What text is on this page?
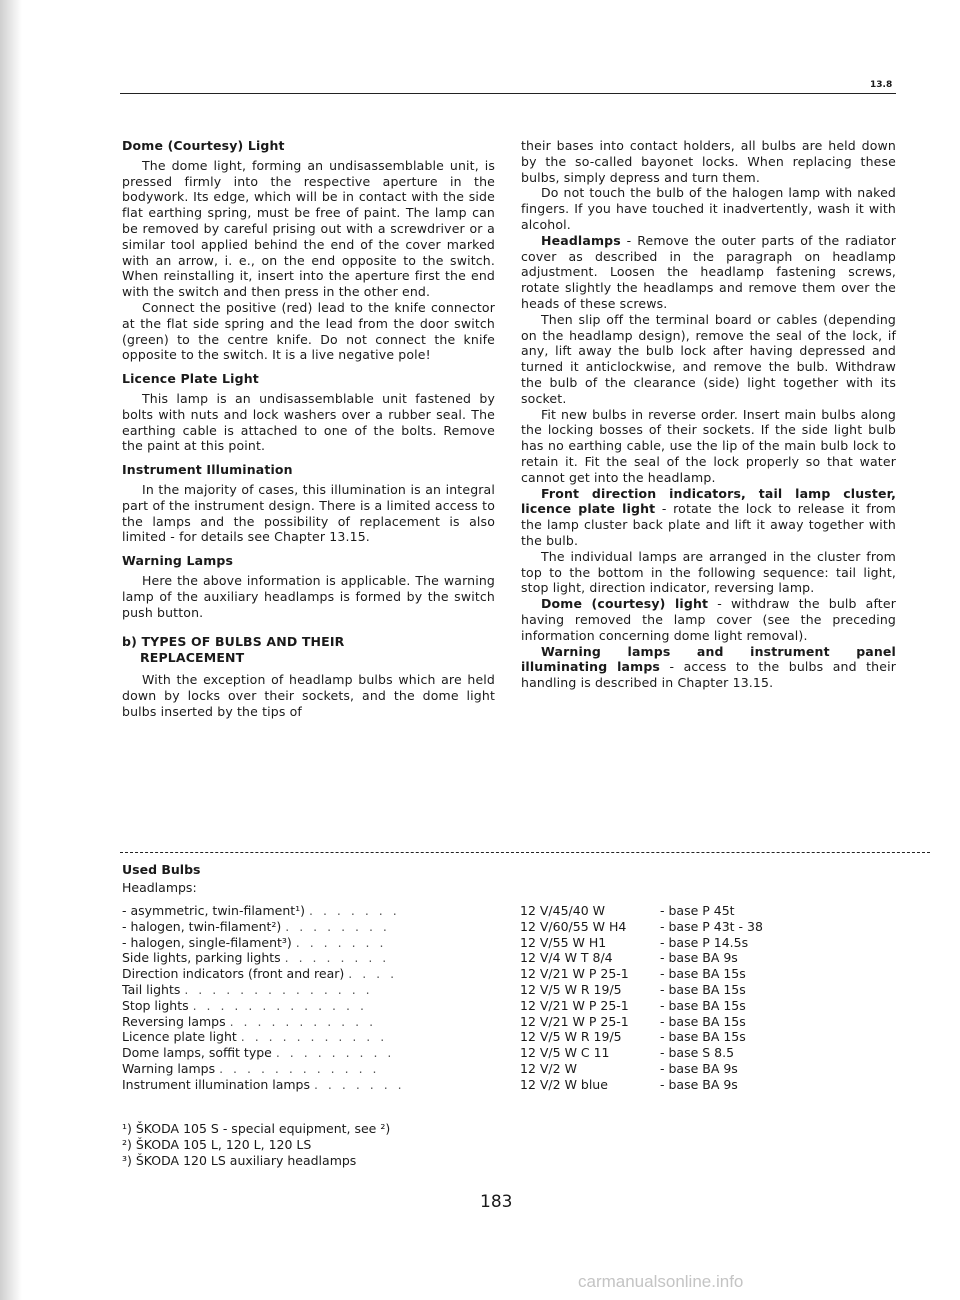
13.8
Dome (Courtesy) Light

The dome light, forming an undisassemblable unit, is pressed firmly into the respective aperture in the bodywork. Its edge, which will be in contact with the side flat earthing spring, must be free of paint. The lamp can be removed by careful prising out with a screwdriver or a similar tool applied behind the end of the cover marked with an arrow, i. e., on the end opposite to the switch. When reinstalling it, insert into the aperture first the end with the switch and then press in the other end.

Connect the positive (red) lead to the knife connector at the flat side spring and the lead from the door switch (green) to the centre knife. Do not connect the knife opposite to the switch. It is a live negative pole!

Licence Plate Light

This lamp is an undisassemblable unit fastened by bolts with nuts and lock washers over a rubber seal. The earthing cable is attached to one of the bolts. Remove the paint at this point.

Instrument Illumination

In the majority of cases, this illumination is an integral part of the instrument design. There is a limited access to the lamps and the possibility of replacement is also limited - for details see Chapter 13.15.

Warning Lamps

Here the above information is applicable. The warning lamp of the auxiliary headlamps is formed by the switch push button.

b) TYPES OF BULBS AND THEIR
REPLACEMENT

With the exception of headlamp bulbs which are held down by locks over their sockets, and the dome light bulbs inserted by the tips of

their bases into contact holders, all bulbs are held down by the so-called bayonet locks. When replacing these bulbs, simply depress and turn them.

Do not touch the bulb of the halogen lamp with naked fingers. If you have touched it inadvertently, wash it with alcohol.

Headlamps - Remove the outer parts of the radiator cover as described in the paragraph on headlamp adjustment. Loosen the headlamp fastening screws, rotate slightly the headlamps and remove them over the heads of these screws.

Then slip off the terminal board or cables (depending on the headlamp design), remove the seal of the lock, if any, lift away the bulb lock after having depressed and turned it anticlockwise, and remove the bulb. Withdraw the bulb of the clearance (side) light together with its socket.

Fit new bulbs in reverse order. Insert main bulbs along the locking bosses of their sockets. If the side light bulb has no earthing cable, use the lip of the main bulb lock to retain it. Fit the seal of the lock properly so that water cannot get into the headlamp.

Front direction indicators, tail lamp cluster, licence plate light - rotate the lock to release it from the lamp cluster back plate and lift it away together with the bulb.

The individual lamps are arranged in the cluster from top to the bottom in the following sequence: tail light, stop light, direction indicator, reversing lamp.

Dome (courtesy) light - withdraw the bulb after having removed the lamp cover (see the preceding information concerning dome light removal).

Warning lamps and instrument panel illuminating lamps - access to the bulbs and their handling is described in Chapter 13.15.

Used Bulbs
Headlamps:
- asymmetric, twin-filament¹) . . . . . . .	12 V/45/40 W	- base P 45t
- halogen, twin-filament²) . . . . . . . .	12 V/60/55 W H4	- base P 43t - 38
- halogen, single-filament³) . . . . . . .	12 V/55 W H1	- base P 14.5s
Side lights, parking lights . . . . . . . .	12 V/4 W T 8/4	- base BA 9s
Direction indicators (front and rear) . . . .	12 V/21 W P 25-1	- base BA 15s
Tail lights . . . . . . . . . . . . . .	12 V/5 W R 19/5	- base BA 15s
Stop lights . . . . . . . . . . . . .	12 V/21 W P 25-1	- base BA 15s
Reversing lamps . . . . . . . . . . .	12 V/21 W P 25-1	- base BA 15s
Licence plate light . . . . . . . . . . .	12 V/5 W R 19/5	- base BA 15s
Dome lamps, soffit type . . . . . . . . .	12 V/5 W C 11	- base S 8.5
Warning lamps . . . . . . . . . . . .	12 V/2 W	- base BA 9s
Instrument illumination lamps . . . . . . .	12 V/2 W blue	- base BA 9s
¹) ŠKODA 105 S - special equipment, see ²)
²) ŠKODA 105 L, 120 L, 120 LS
³) ŠKODA 120 LS auxiliary headlamps
183
carmanualsonline.info
